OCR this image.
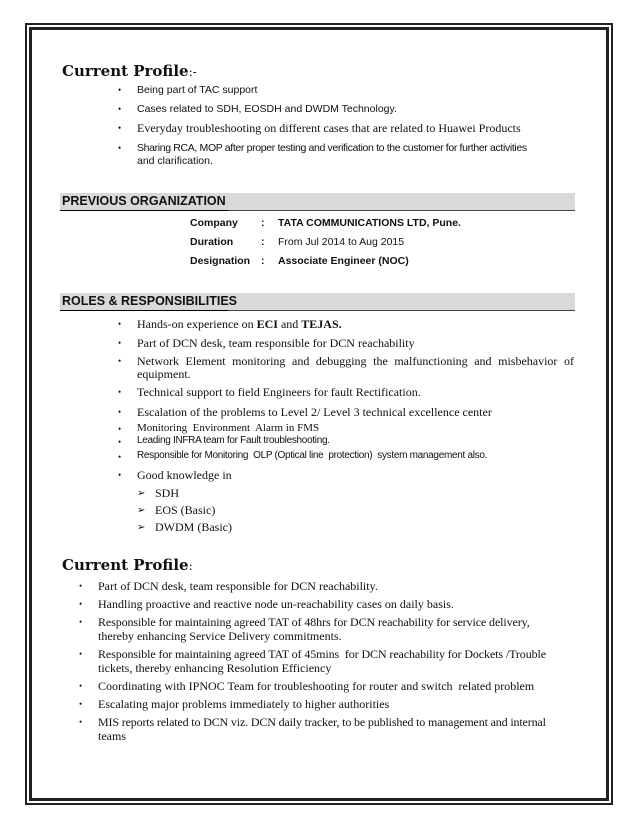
Current Profile:-
• Being part of TAC support
• Cases related to SDH, EOSDH and DWDM Technology.
• Everyday troubleshooting on different cases that are related to Huawei Products
• Sharing RCA, MOP after proper testing and verification to the customer for further activities
and clarification.
PREVIOUS ORGANIZATION
Company : TATA COMMUNICATIONS LTD, Pune.
Duration	: From Jul 2014 to Aug 2015
Designation : Associate Engineer (NOC)
ROLES & RESPONSIBILITIES
• Hands-on experience on ECI and TEJAS.
• Part of DCN desk, team responsible for DCN reachability
• Network Element monitoring and debugging the malfunctioning and misbehavior of
equipment.
• Technical support to field Engineers for fault Rectification.
• Escalation of the problems to Level 2/ Level 3 technical excellence center
• Monitoring  Environment  Alarm in FMS
• Leading INFRA team for Fault troubleshooting.
• Responsible for Monitoring  OLP (Optical line  protection)  system management also.
• Good knowledge in
➢ SDH
➢ EOS (Basic)
➢ DWDM (Basic)
Current Profile:
• Part of DCN desk, team responsible for DCN reachability.
• Handling proactive and reactive node un-reachability cases on daily basis.
• Responsible for maintaining agreed TAT of 48hrs for DCN reachability for service delivery,
thereby enhancing Service Delivery commitments.
• Responsible for maintaining agreed TAT of 45mins  for DCN reachability for Dockets /Trouble
tickets, thereby enhancing Resolution Efficiency
• Coordinating with IPNOC Team for troubleshooting for router and switch  related problem
• Escalating major problems immediately to higher authorities
• MIS reports related to DCN viz. DCN daily tracker, to be published to management and internal
teams
